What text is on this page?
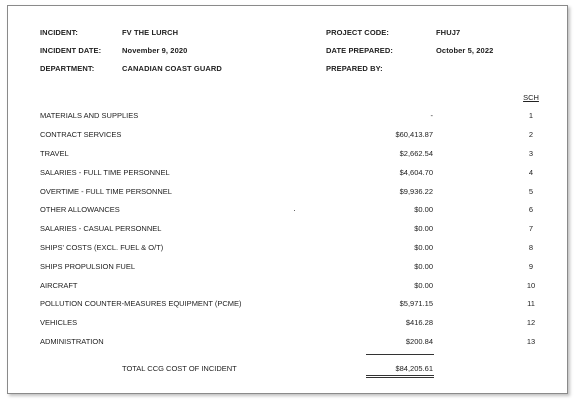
INCIDENT:	FV THE LURCH
INCIDENT DATE:	November 9, 2020
DEPARTMENT:	CANADIAN COAST GUARD
PROJECT CODE:	FHUJ7
DATE PREPARED:	October 5, 2022
PREPARED BY:
SCH
MATERIALS AND SUPPLIES	-	1
CONTRACT SERVICES	$60,413.87	2
TRAVEL	$2,662.54	3
SALARIES - FULL TIME PERSONNEL	$4,604.70	4
OVERTIME - FULL TIME PERSONNEL	$9,936.22	5
OTHER ALLOWANCES	$0.00	6
SALARIES - CASUAL PERSONNEL	$0.00	7
SHIPS' COSTS (EXCL. FUEL & O/T)	$0.00	8
SHIPS PROPULSION FUEL	$0.00	9
AIRCRAFT	$0.00	10
POLLUTION COUNTER-MEASURES EQUIPMENT (PCME)	$5,971.15	11
VEHICLES	$416.28	12
ADMINISTRATION	$200.84	13
TOTAL CCG COST OF INCIDENT	$84,205.61
